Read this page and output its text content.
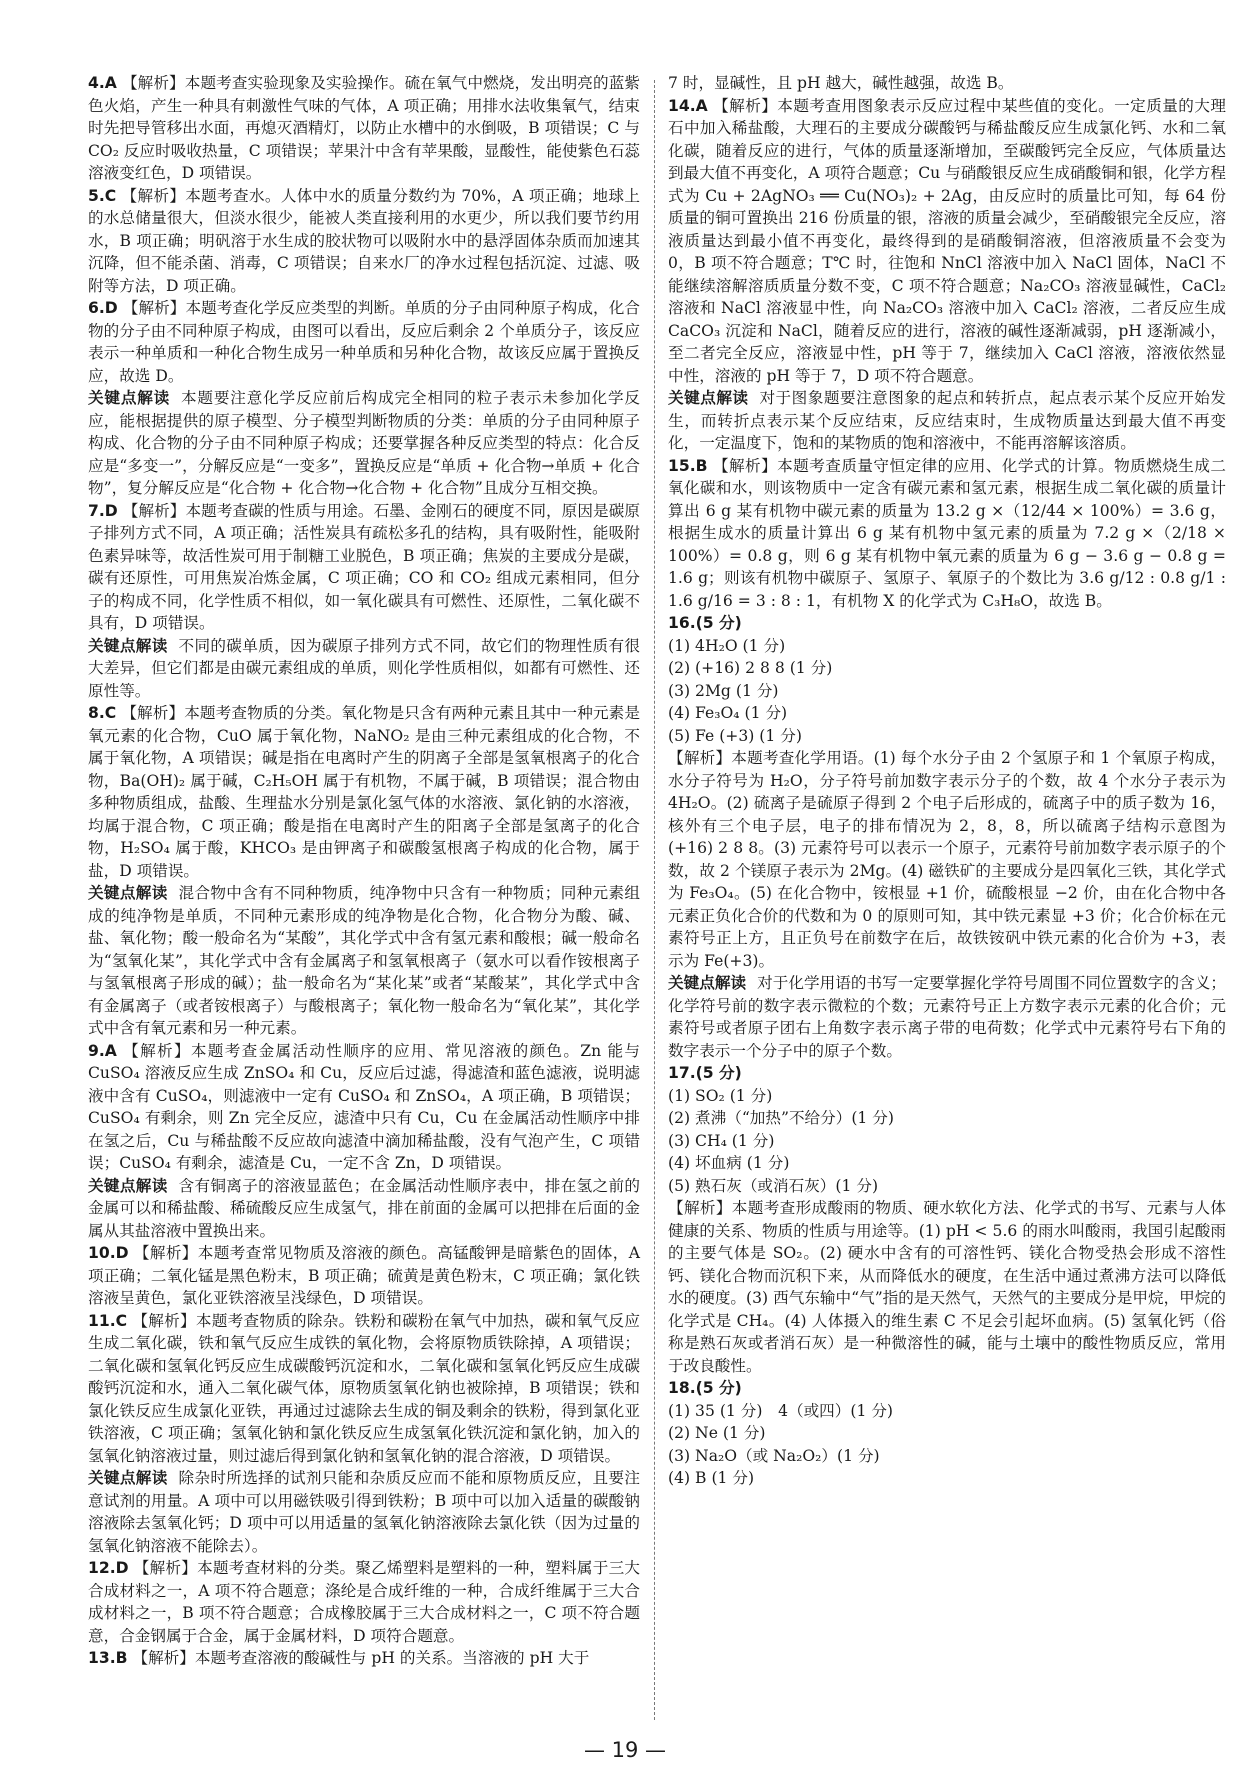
4.A 【解析】本题考查实验现象及实验操作。硫在氧气中燃烧，发出明亮的蓝紫色火焰，产生一种具有刺激性气味的气体，A 项正确；用排水法收集氧气，结束时先把导管移出水面，再熄灭酒精灯，以防止水槽中的水倒吸，B 项错误；C 与 CO₂ 反应时吸收热量，C 项错误；苹果汁中含有苹果酸，显酸性，能使紫色石蕊溶液变红色，D 项错误。

5.C 【解析】本题考查水。人体中水的质量分数约为 70%，A 项正确；地球上的水总储量很大，但淡水很少，能被人类直接利用的水更少，所以我们要节约用水，B 项正确；明矾溶于水生成的胶状物可以吸附水中的悬浮固体杂质而加速其沉降，但不能杀菌、消毒，C 项错误；自来水厂的净水过程包括沉淀、过滤、吸附等方法，D 项正确。

6.D 【解析】本题考查化学反应类型的判断。单质的分子由同种原子构成，化合物的分子由不同种原子构成，由图可以看出，反应后剩余 2 个单质分子，该反应表示一种单质和一种化合物生成另一种单质和另种化合物，故该反应属于置换反应，故选 D。

关键点解读 本题要注意化学反应前后构成完全相同的粒子表示未参加化学反应，能根据提供的原子模型、分子模型判断物质的分类：单质的分子由同种原子构成、化合物的分子由不同种原子构成；还要掌握各种反应类型的特点：化合反应是“多变一”，分解反应是“一变多”，置换反应是“单质 + 化合物→单质 + 化合物”，复分解反应是“化合物 + 化合物→化合物 + 化合物”且成分互相交换。

7.D 【解析】本题考查碳的性质与用途。石墨、金刚石的硬度不同，原因是碳原子排列方式不同，A 项正确；活性炭具有疏松多孔的结构，具有吸附性，能吸附色素异味等，故活性炭可用于制糖工业脱色，B 项正确；焦炭的主要成分是碳，碳有还原性，可用焦炭冶炼金属，C 项正确；CO 和 CO₂ 组成元素相同，但分子的构成不同，化学性质不相似，如一氧化碳具有可燃性、还原性，二氧化碳不具有，D 项错误。

关键点解读 不同的碳单质，因为碳原子排列方式不同，故它们的物理性质有很大差异，但它们都是由碳元素组成的单质，则化学性质相似，如都有可燃性、还原性等。

8.C 【解析】本题考查物质的分类。氧化物是只含有两种元素且其中一种元素是氧元素的化合物，CuO 属于氧化物，NaNO₂ 是由三种元素组成的化合物，不属于氧化物，A 项错误；碱是指在电离时产生的阴离子全部是氢氧根离子的化合物，Ba(OH)₂ 属于碱，C₂H₅OH 属于有机物，不属于碱，B 项错误；混合物由多种物质组成，盐酸、生理盐水分别是氯化氢气体的水溶液、氯化钠的水溶液，均属于混合物，C 项正确；酸是指在电离时产生的阳离子全部是氢离子的化合物，H₂SO₄ 属于酸，KHCO₃ 是由钾离子和碳酸氢根离子构成的化合物，属于盐，D 项错误。

关键点解读 混合物中含有不同种物质，纯净物中只含有一种物质；同种元素组成的纯净物是单质，不同种元素形成的纯净物是化合物，化合物分为酸、碱、盐、氧化物；酸一般命名为“某酸”，其化学式中含有氢元素和酸根；碱一般命名为“氢氧化某”，其化学式中含有金属离子和氢氧根离子（氨水可以看作铵根离子与氢氧根离子形成的碱）；盐一般命名为“某化某”或者“某酸某”，其化学式中含有金属离子（或者铵根离子）与酸根离子；氧化物一般命名为“氧化某”，其化学式中含有氧元素和另一种元素。

9.A 【解析】本题考查金属活动性顺序的应用、常见溶液的颜色。Zn 能与 CuSO₄ 溶液反应生成 ZnSO₄ 和 Cu，反应后过滤，得滤渣和蓝色滤液，说明滤液中含有 CuSO₄，则滤液中一定有 CuSO₄ 和 ZnSO₄，A 项正确，B 项错误；CuSO₄ 有剩余，则 Zn 完全反应，滤渣中只有 Cu，Cu 在金属活动性顺序中排在氢之后，Cu 与稀盐酸不反应故向滤渣中滴加稀盐酸，没有气泡产生，C 项错误；CuSO₄ 有剩余，滤渣是 Cu，一定不含 Zn，D 项错误。

关键点解读 含有铜离子的溶液显蓝色；在金属活动性顺序表中，排在氢之前的金属可以和稀盐酸、稀硫酸反应生成氢气，排在前面的金属可以把排在后面的金属从其盐溶液中置换出来。

10.D 【解析】本题考查常见物质及溶液的颜色。高锰酸钾是暗紫色的固体，A 项正确；二氧化锰是黑色粉末，B 项正确；硫黄是黄色粉末，C 项正确；氯化铁溶液呈黄色，氯化亚铁溶液呈浅绿色，D 项错误。

11.C 【解析】本题考查物质的除杂。铁粉和碳粉在氧气中加热，碳和氧气反应生成二氧化碳，铁和氧气反应生成铁的氧化物，会将原物质铁除掉，A 项错误；二氧化碳和氢氧化钙反应生成碳酸钙沉淀和水，二氧化碳和氢氧化钙反应生成碳酸钙沉淀和水，通入二氧化碳气体，原物质氢氧化钠也被除掉，B 项错误；铁和氯化铁反应生成氯化亚铁，再通过过滤除去生成的铜及剩余的铁粉，得到氯化亚铁溶液，C 项正确；氢氧化钠和氯化铁反应生成氢氧化铁沉淀和氯化钠，加入的氢氧化钠溶液过量，则过滤后得到氯化钠和氢氧化钠的混合溶液，D 项错误。

关键点解读 除杂时所选择的试剂只能和杂质反应而不能和原物质反应，且要注意试剂的用量。A 项中可以用磁铁吸引得到铁粉；B 项中可以加入适量的碳酸钠溶液除去氢氧化钙；D 项中可以用适量的氢氧化钠溶液除去氯化铁（因为过量的氢氧化钠溶液不能除去）。

12.D 【解析】本题考查材料的分类。聚乙烯塑料是塑料的一种，塑料属于三大合成材料之一，A 项不符合题意；涤纶是合成纤维的一种，合成纤维属于三大合成材料之一，B 项不符合题意；合成橡胶属于三大合成材料之一，C 项不符合题意，合金钢属于合金，属于金属材料，D 项符合题意。

13.B 【解析】本题考查溶液的酸碱性与 pH 的关系。当溶液的 pH 大于

7 时，显碱性，且 pH 越大，碱性越强，故选 B。

14.A 【解析】本题考查用图象表示反应过程中某些值的变化。一定质量的大理石中加入稀盐酸，大理石的主要成分碳酸钙与稀盐酸反应生成氯化钙、水和二氧化碳，随着反应的进行，气体的质量逐渐增加，至碳酸钙完全反应，气体质量达到最大值不再变化，A 项符合题意；Cu 与硝酸银反应生成硝酸铜和银，化学方程式为 Cu + 2AgNO₃ ══ Cu(NO₃)₂ + 2Ag，由反应时的质量比可知，每 64 份质量的铜可置换出 216 份质量的银，溶液的质量会减少，至硝酸银完全反应，溶液质量达到最小值不再变化，最终得到的是硝酸铜溶液，但溶液质量不会变为 0，B 项不符合题意；T℃ 时，往饱和 NnCl 溶液中加入 NaCl 固体，NaCl 不能继续溶解溶质质量分数不变，C 项不符合题意；Na₂CO₃ 溶液显碱性，CaCl₂ 溶液和 NaCl 溶液显中性，向 Na₂CO₃ 溶液中加入 CaCl₂ 溶液，二者反应生成 CaCO₃ 沉淀和 NaCl，随着反应的进行，溶液的碱性逐渐减弱，pH 逐渐减小，至二者完全反应，溶液显中性，pH 等于 7，继续加入 CaCl 溶液，溶液依然显中性，溶液的 pH 等于 7，D 项不符合题意。

关键点解读 对于图象题要注意图象的起点和转折点，起点表示某个反应开始发生，而转折点表示某个反应结束，反应结束时，生成物质量达到最大值不再变化，一定温度下，饱和的某物质的饱和溶液中，不能再溶解该溶质。

15.B 【解析】本题考查质量守恒定律的应用、化学式的计算。物质燃烧生成二氧化碳和水，则该物质中一定含有碳元素和氢元素，根据生成二氧化碳的质量计算出 6 g 某有机物中碳元素的质量为 13.2 g ×（12/44 × 100%）= 3.6 g，根据生成水的质量计算出 6 g 某有机物中氢元素的质量为 7.2 g ×（2/18 × 100%）= 0.8 g，则 6 g 某有机物中氧元素的质量为 6 g − 3.6 g − 0.8 g = 1.6 g；则该有机物中碳原子、氢原子、氧原子的个数比为 3.6 g/12 : 0.8 g/1 : 1.6 g/16 = 3 : 8 : 1，有机物 X 的化学式为 C₃H₈O，故选 B。

16.(5 分)

(1) 4H₂O (1 分)

(2) (+16) 2 8 8 (1 分)

(3) 2Mg (1 分)

(4) Fe₃O₄ (1 分)

(5) Fe (+3) (1 分)

【解析】本题考查化学用语。(1) 每个水分子由 2 个氢原子和 1 个氧原子构成，水分子符号为 H₂O，分子符号前加数字表示分子的个数，故 4 个水分子表示为 4H₂O。(2) 硫离子是硫原子得到 2 个电子后形成的，硫离子中的质子数为 16，核外有三个电子层，电子的排布情况为 2，8，8，所以硫离子结构示意图为 (+16) 2 8 8。(3) 元素符号可以表示一个原子，元素符号前加数字表示原子的个数，故 2 个镁原子表示为 2Mg。(4) 磁铁矿的主要成分是四氧化三铁，其化学式为 Fe₃O₄。(5) 在化合物中，铵根显 +1 价，硫酸根显 −2 价，由在化合物中各元素正负化合价的代数和为 0 的原则可知，其中铁元素显 +3 价；化合价标在元素符号正上方，且正负号在前数字在后，故铁铵矾中铁元素的化合价为 +3，表示为 Fe(+3)。

关键点解读 对于化学用语的书写一定要掌握化学符号周围不同位置数字的含义；化学符号前的数字表示微粒的个数；元素符号正上方数字表示元素的化合价；元素符号或者原子团右上角数字表示离子带的电荷数；化学式中元素符号右下角的数字表示一个分子中的原子个数。

17.(5 分)

(1) SO₂ (1 分)

(2) 煮沸（“加热”不给分）(1 分)

(3) CH₄ (1 分)

(4) 坏血病 (1 分)

(5) 熟石灰（或消石灰）(1 分)

【解析】本题考查形成酸雨的物质、硬水软化方法、化学式的书写、元素与人体健康的关系、物质的性质与用途等。(1) pH < 5.6 的雨水叫酸雨，我国引起酸雨的主要气体是 SO₂。(2) 硬水中含有的可溶性钙、镁化合物受热会形成不溶性钙、镁化合物而沉积下来，从而降低水的硬度，在生活中通过煮沸方法可以降低水的硬度。(3) 西气东输中“气”指的是天然气，天然气的主要成分是甲烷，甲烷的化学式是 CH₄。(4) 人体摄入的维生素 C 不足会引起坏血病。(5) 氢氧化钙（俗称是熟石灰或者消石灰）是一种微溶性的碱，能与土壤中的酸性物质反应，常用于改良酸性。

18.(5 分)

(1) 35 (1 分)　4（或四）(1 分)

(2) Ne (1 分)

(3) Na₂O（或 Na₂O₂）(1 分)

(4) B (1 分)

— 19 —
